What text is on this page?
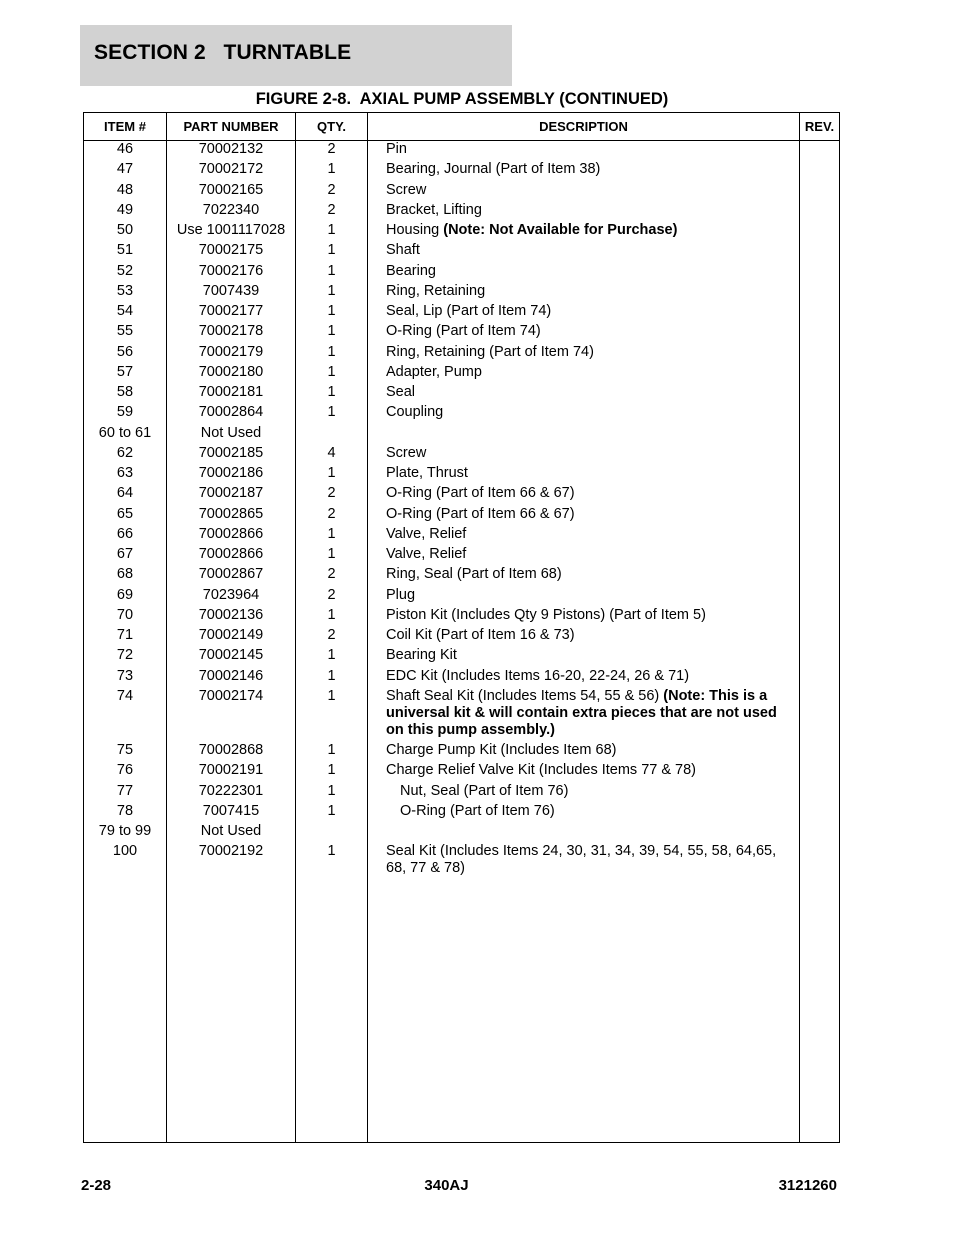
SECTION 2   TURNTABLE
FIGURE 2-8.  AXIAL PUMP ASSEMBLY (CONTINUED)
ITEM #	PART NUMBER	QTY.	DESCRIPTION	REV.
46	70002132	2	Pin
47	70002172	1	Bearing, Journal (Part of Item 38)
48	70002165	2	Screw
49	7022340	2	Bracket, Lifting
50	Use 1001117028	1	Housing (Note: Not Available for Purchase)
51	70002175	1	Shaft
52	70002176	1	Bearing
53	7007439	1	Ring, Retaining
54	70002177	1	Seal, Lip (Part of Item 74)
55	70002178	1	O-Ring (Part of Item 74)
56	70002179	1	Ring, Retaining (Part of Item 74)
57	70002180	1	Adapter, Pump
58	70002181	1	Seal
59	70002864	1	Coupling
60 to 61	Not Used
62	70002185	4	Screw
63	70002186	1	Plate, Thrust
64	70002187	2	O-Ring (Part of Item 66 & 67)
65	70002865	2	O-Ring (Part of Item 66 & 67)
66	70002866	1	Valve, Relief
67	70002866	1	Valve, Relief
68	70002867	2	Ring, Seal (Part of Item 68)
69	7023964	2	Plug
70	70002136	1	Piston Kit (Includes Qty 9 Pistons) (Part of Item 5)
71	70002149	2	Coil Kit (Part of Item 16 & 73)
72	70002145	1	Bearing Kit
73	70002146	1	EDC Kit (Includes Items 16-20, 22-24, 26 & 71)
74	70002174	1	Shaft Seal Kit (Includes Items 54, 55 & 56) (Note: This is a universal kit & will contain extra pieces that are not used on this pump assembly.)
75	70002868	1	Charge Pump Kit (Includes Item 68)
76	70002191	1	Charge Relief Valve Kit (Includes Items 77 & 78)
77	70222301	1	Nut, Seal (Part of Item 76)
78	7007415	1	O-Ring (Part of Item 76)
79 to 99	Not Used
100	70002192	1	Seal Kit (Includes Items 24, 30, 31, 34, 39, 54, 55, 58, 64,65, 68, 77 & 78)
2-28	340AJ	3121260
